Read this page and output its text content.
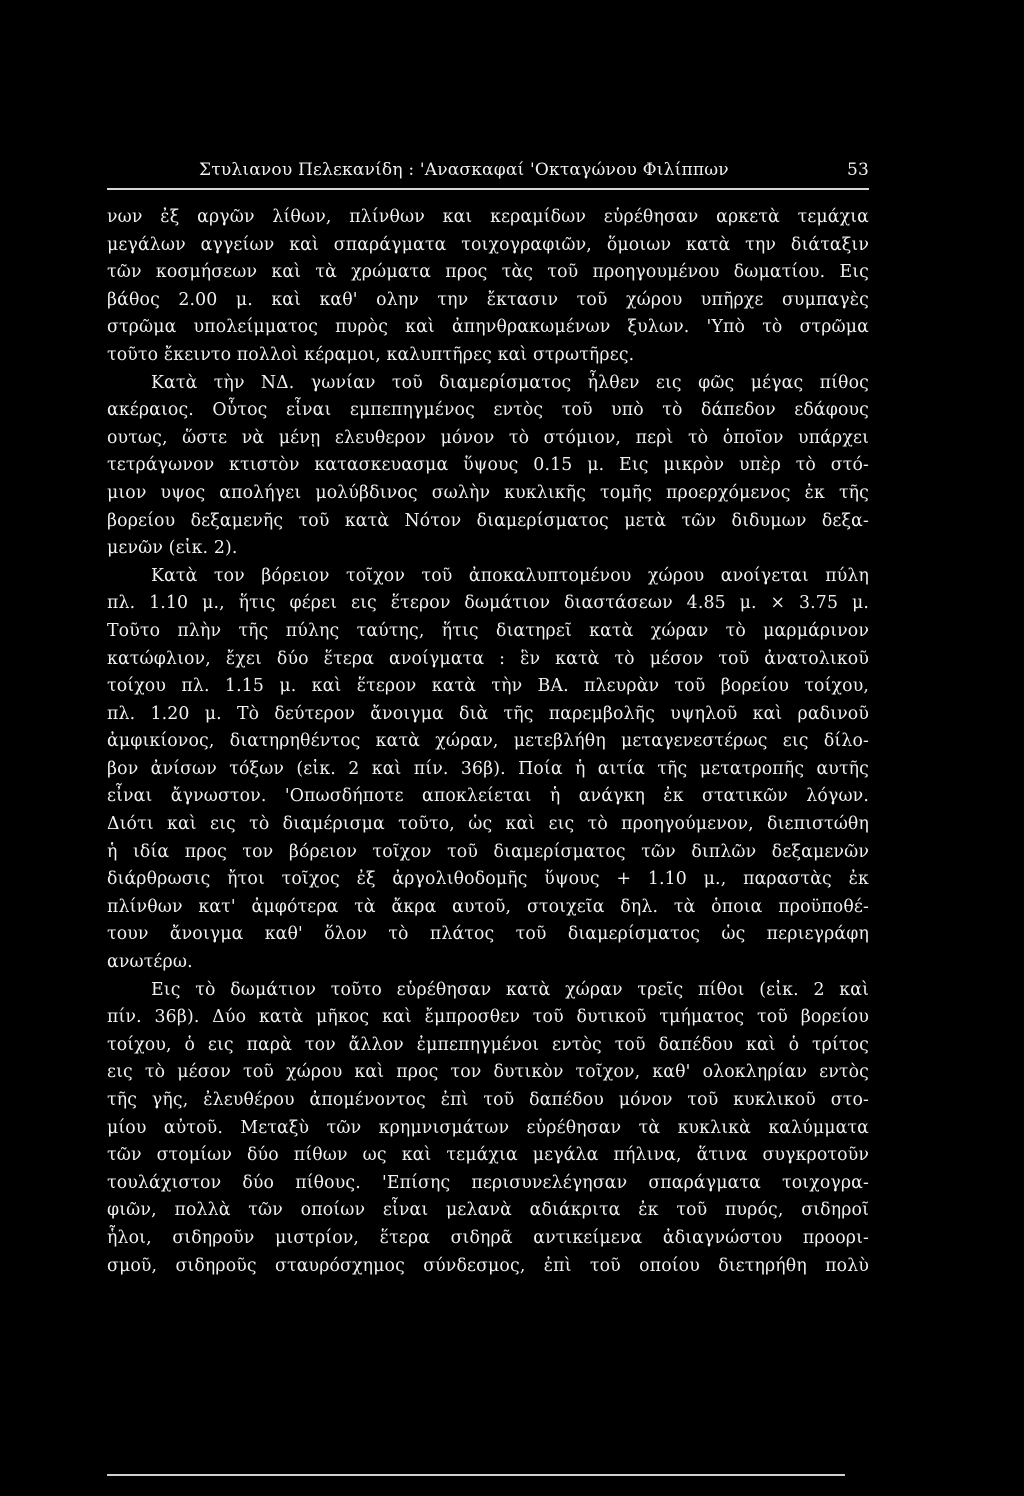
Στυλιανου Πελεκανίδη : 'Ανασκαφαί 'Οκταγώνου Φιλίππων	53
νων ἐξ αργῶν λίθων, πλίνθων και κεραμίδων εὑρέθησαν αρκετὰ τεμάχια
μεγάλων αγγείων καὶ σπαράγματα τοιχογραφιῶν, ὅμοιων κατὰ την διάταξιν
τῶν κοσμήσεων καὶ τὰ χρώματα προς τὰς τοῦ προηγουμένου δωματίου. Εις
βάθος 2.00 μ. καὶ καθ' ολην την ἔκτασιν τοῦ χώρου υπῆρχε συμπαγὲς
στρῶμα υπολείμματος πυρὸς καὶ ἀπηνθρακωμένων ξυλων. 'Υπὸ τὸ στρῶμα
τοῦτο ἔκειντο πολλοὶ κέραμοι, καλυπτῆρες καὶ στρωτῆρες.
Κατὰ τὴν ΝΔ. γωνίαν τοῦ διαμερίσματος ἦλθεν εις φῶς μέγας πίθος
ακέραιος. Οὗτος εἶναι εμπεπηγμένος εντὸς τοῦ υπὸ τὸ δάπεδον εδάφους
ουτως, ὥστε νὰ μένῃ ελευθερον μόνον τὸ στόμιον, περὶ τὸ ὁποῖον υπάρχει
τετράγωνον κτιστὸν κατασκευασμα ὕψους 0.15 μ. Εις μικρὸν υπὲρ τὸ στό-
μιον υψος απολήγει μολύβδινος σωλὴν κυκλικῆς τομῆς προερχόμενος ἐκ τῆς
βορείου δεξαμενῆς τοῦ κατὰ Νότον διαμερίσματος μετὰ τῶν διδυμων δεξα-
μενῶν (εἰκ. 2).
Κατὰ τον βόρειον τοῖχον τοῦ ἀποκαλυπτομένου χώρου ανοίγεται πύλη
πλ. 1.10 μ., ἥτις φέρει εις ἕτερον δωμάτιον διαστάσεων 4.85 μ. × 3.75 μ.
Τοῦτο πλὴν τῆς πύλης ταύτης, ἥτις διατηρεῖ κατὰ χώραν τὸ μαρμάρινον
κατώφλιον, ἔχει δύο ἕτερα ανοίγματα : ἓν κατὰ τὸ μέσον τοῦ ἀνατολικοῦ
τοίχου πλ. 1.15 μ. καὶ ἕτερον κατὰ τὴν ΒΑ. πλευρὰν τοῦ βορείου τοίχου,
πλ. 1.20 μ. Τὸ δεύτερον ἄνοιγμα διὰ τῆς παρεμβολῆς υψηλοῦ καὶ ραδινοῦ
ἀμφικίονος, διατηρηθέντος κατὰ χώραν, μετεβλήθη μεταγενεστέρως εις δίλο-
βον ἀνίσων τόξων (εἰκ. 2 καὶ πίν. 36β). Ποία ἡ αιτία τῆς μετατροπῆς αυτῆς
εἶναι ἄγνωστον. 'Οπωσδήποτε αποκλείεται ἡ ανάγκη ἐκ στατικῶν λόγων.
Διότι καὶ εις τὸ διαμέρισμα τοῦτο, ὡς καὶ εις τὸ προηγούμενον, διεπιστώθη
ἡ ιδία προς τον βόρειον τοῖχον τοῦ διαμερίσματος τῶν διπλῶν δεξαμενῶν
διάρθρωσις ἤτοι τοῖχος ἐξ ἀργολιθοδομῆς ὕψους + 1.10 μ., παραστὰς ἐκ
πλίνθων κατ' ἀμφότερα τὰ ἄκρα αυτοῦ, στοιχεῖα δηλ. τὰ ὁποια προϋποθέ-
τουν ἄνοιγμα καθ' ὅλον τὸ πλάτος τοῦ διαμερίσματος ὡς περιεγράφη
ανωτέρω.
Εις τὸ δωμάτιον τοῦτο εὑρέθησαν κατὰ χώραν τρεῖς πίθοι (εἰκ. 2 καὶ
πίν. 36β). Δύο κατὰ μῆκος καὶ ἔμπροσθεν τοῦ δυτικοῦ τμήματος τοῦ βορείου
τοίχου, ὁ εις παρὰ τον ἄλλον ἐμπεπηγμένοι εντὸς τοῦ δαπέδου καὶ ὁ τρίτος
εις τὸ μέσον τοῦ χώρου καὶ προς τον δυτικὸν τοῖχον, καθ' ολοκληρίαν εντὸς
τῆς γῆς, ἐλευθέρου ἀπομένοντος ἐπὶ τοῦ δαπέδου μόνον τοῦ κυκλικοῦ στο-
μίου αὐτοῦ. Μεταξὺ τῶν κρημνισμάτων εὑρέθησαν τὰ κυκλικὰ καλύμματα
τῶν στομίων δύο πίθων ως καὶ τεμάχια μεγάλα πήλινα, ἅτινα συγκροτοῦν
τουλάχιστον δύο πίθους. 'Επίσης περισυνελέγησαν σπαράγματα τοιχογρα-
φιῶν, πολλὰ τῶν οποίων εἶναι μελανὰ αδιάκριτα ἐκ τοῦ πυρός, σιδηροῖ
ἧλοι, σιδηροῦν μιστρίον, ἕτερα σιδηρᾶ αντικείμενα ἀδιαγνώστου προορι-
σμοῦ, σιδηροῦς σταυρόσχημος σύνδεσμος, ἐπὶ τοῦ οποίου διετηρήθη πολὺ
